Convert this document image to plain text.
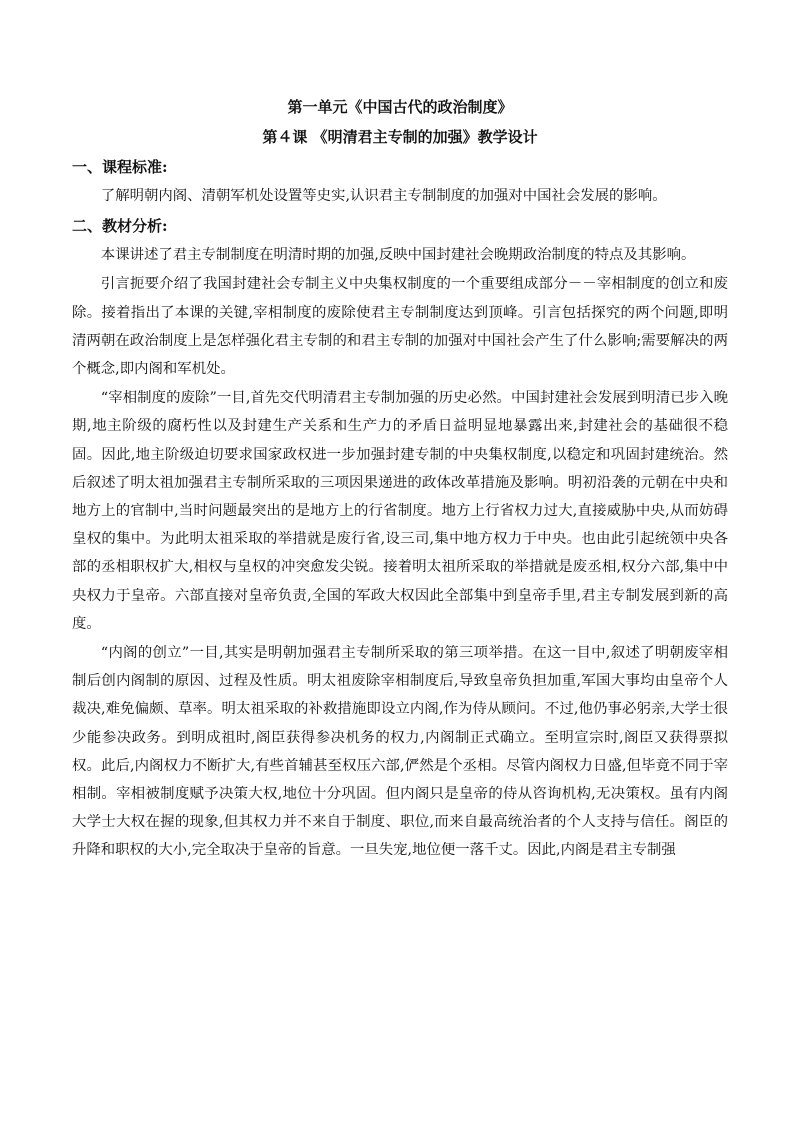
第一单元《中国古代的政治制度》
第４课 《明清君主专制的加强》教学设计
一、课程标准:

了解明朝内阁、清朝军机处设置等史实,认识君主专制制度的加强对中国社会发展的影响。

二、教材分析:

本课讲述了君主专制制度在明清时期的加强,反映中国封建社会晚期政治制度的特点及其影响。

引言扼要介绍了我国封建社会专制主义中央集权制度的一个重要组成部分－－宰相制度的创立和废除。接着指出了本课的关键,宰相制度的废除使君主专制制度达到顶峰。引言包括探究的两个问题,即明清两朝在政治制度上是怎样强化君主专制的和君主专制的加强对中国社会产生了什么影响;需要解决的两个概念,即内阁和军机处。

“宰相制度的废除”一目,首先交代明清君主专制加强的历史必然。中国封建社会发展到明清已步入晚期,地主阶级的腐朽性以及封建生产关系和生产力的矛盾日益明显地暴露出来,封建社会的基础很不稳固。因此,地主阶级迫切要求国家政权进一步加强封建专制的中央集权制度,以稳定和巩固封建统治。然后叙述了明太祖加强君主专制所采取的三项因果递进的政体改革措施及影响。明初沿袭的元朝在中央和地方上的官制中,当时问题最突出的是地方上的行省制度。地方上行省权力过大,直接威胁中央,从而妨碍皇权的集中。为此明太祖采取的举措就是废行省,设三司,集中地方权力于中央。也由此引起统领中央各部的丞相职权扩大,相权与皇权的冲突愈发尖锐。接着明太祖所采取的举措就是废丞相,权分六部,集中中央权力于皇帝。六部直接对皇帝负责,全国的军政大权因此全部集中到皇帝手里,君主专制发展到新的高度。

“内阁的创立”一目,其实是明朝加强君主专制所采取的第三项举措。在这一目中,叙述了明朝废宰相制后创内阁制的原因、过程及性质。明太祖废除宰相制度后,导致皇帝负担加重,军国大事均由皇帝个人裁决,难免偏颇、草率。明太祖采取的补救措施即设立内阁,作为侍从顾问。不过,他仍事必躬亲,大学士很少能参决政务。到明成祖时,阁臣获得参决机务的权力,内阁制正式确立。至明宣宗时,阁臣又获得票拟权。此后,内阁权力不断扩大,有些首辅甚至权压六部,俨然是个丞相。尽管内阁权力日盛,但毕竟不同于宰相制。宰相被制度赋予决策大权,地位十分巩固。但内阁只是皇帝的侍从咨询机构,无决策权。虽有内阁大学士大权在握的现象,但其权力并不来自于制度、职位,而来自最高统治者的个人支持与信任。阁臣的升降和职权的大小,完全取决于皇帝的旨意。一旦失宠,地位便一落千丈。因此,内阁是君主专制强
